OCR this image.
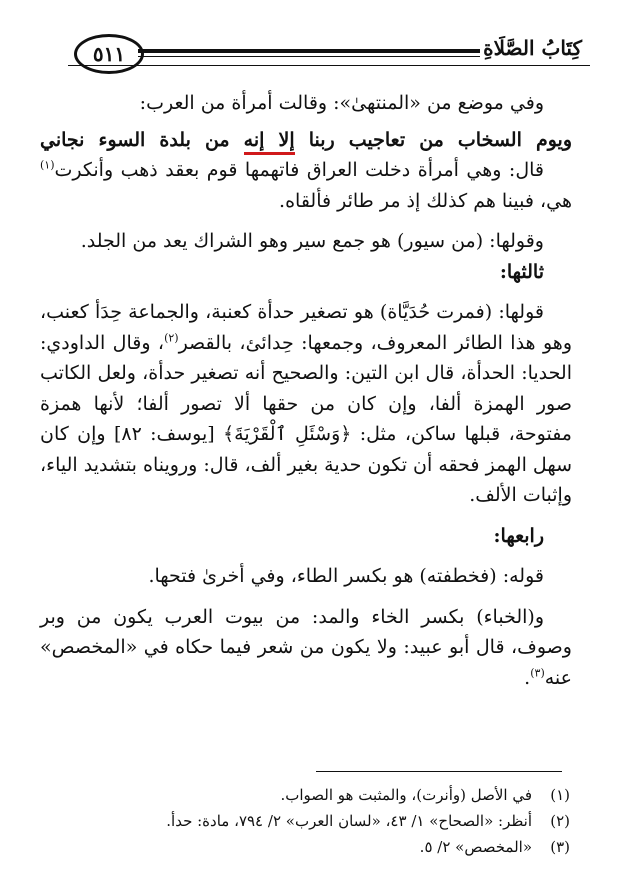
٥١١	كِتَابُ الصَّلَاةِ

وفي موضع من «المنتهىٰ»: وقالت أمرأة من العرب:

ويوم السخاب من تعاجيب ربنا إلا إنه من بلدة السوء نجاني

قال: وهي أمرأة دخلت العراق فاتهمها قوم بعقد ذهب وأنكرت$^{(١)}$ هي، فبينا هم كذلك إذ مر طائر فألقاه.

وقولها: (من سيور) هو جمع سير وهو الشراك يعد من الجلد.

ثالثها:

قولها: (فمرت حُدَيَّاة) هو تصغير حدأة كعنبة، والجماعة حِدَأ كعنب، وهو هذا الطائر المعروف، وجمعها: حِدائئ، بالقصر$^{(٢)}$، وقال الداودي: الحديا: الحدأة، قال ابن التين: والصحيح أنه تصغير حدأة، ولعل الكاتب صور الهمزة ألفا، وإن كان من حقها ألا تصور ألفا؛ لأنها همزة مفتوحة، قبلها ساكن، مثل: ﴿وَسْئَلِ ٱلْقَرْيَةَ﴾ [يوسف: ٨٢] وإن كان سهل الهمز فحقه أن تكون حدية بغير ألف، قال: ورويناه بتشديد الياء، وإثبات الألف.

رابعها:

قوله: (فخطفته) هو بكسر الطاء، وفي أخرىٰ فتحها.

و(الخباء) بكسر الخاء والمد: من بيوت العرب يكون من وبر وصوف، قال أبو عبيد: ولا يكون من شعر فيما حكاه في «المخصص» عنه$^{(٣)}$.

(١)في الأصل (وأنرت)، والمثبت هو الصواب.

(٢)أنظر: «الصحاح» ١/ ٤٣، «لسان العرب» ٢/ ٧٩٤، مادة: حدأ.

(٣)«المخصص» ٢/ ٥.
